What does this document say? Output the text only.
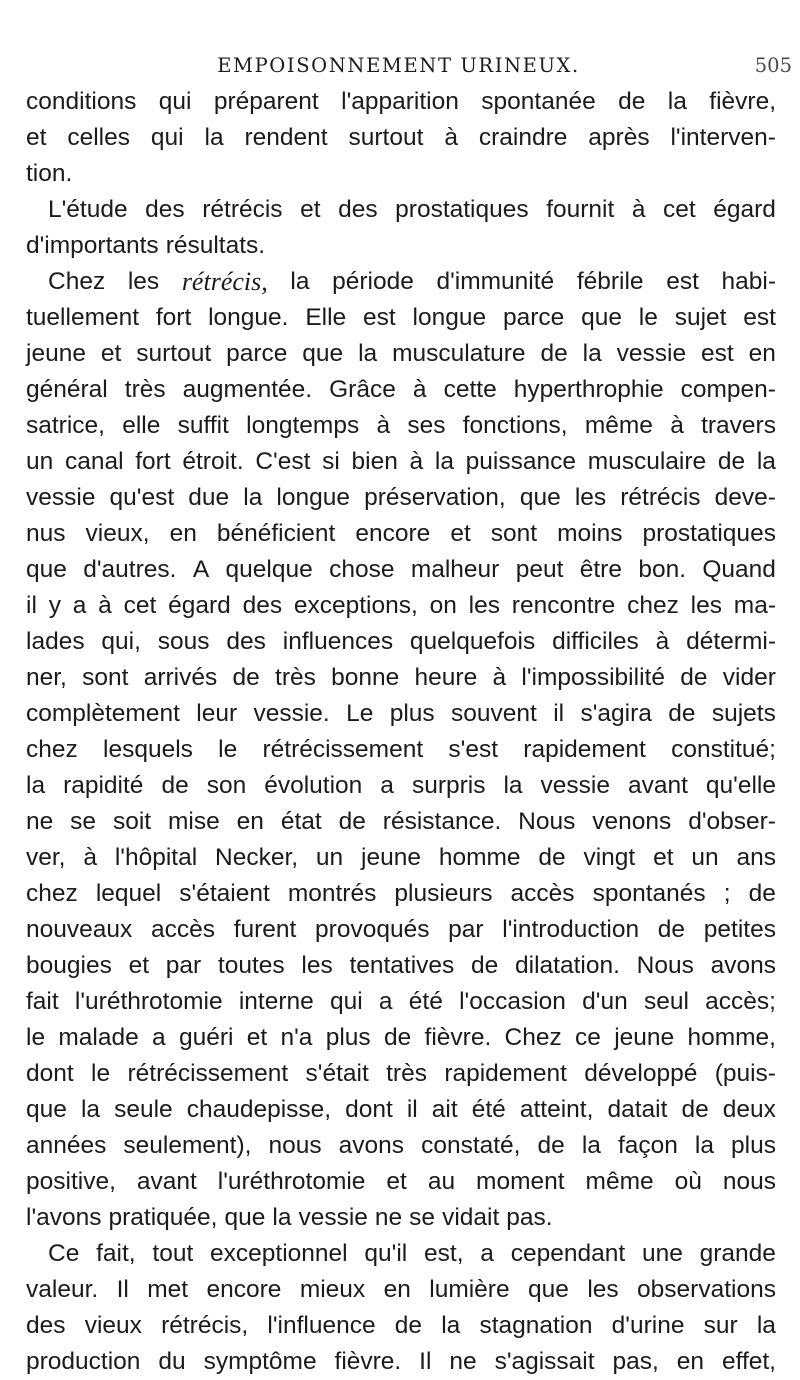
EMPOISONNEMENT URINEUX.	505
conditions qui préparent l'apparition spontanée de la fièvre,
et celles qui la rendent surtout à craindre après l'interven-
tion.
L'étude des rétrécis et des prostatiques fournit à cet égard
d'importants résultats.
Chez les rétrécis, la période d'immunité fébrile est habi-
tuellement fort longue. Elle est longue parce que le sujet est
jeune et surtout parce que la musculature de la vessie est en
général très augmentée. Grâce à cette hyperthrophie compen-
satrice, elle suffit longtemps à ses fonctions, même à travers
un canal fort étroit. C'est si bien à la puissance musculaire de la
vessie qu'est due la longue préservation, que les rétrécis deve-
nus vieux, en bénéficient encore et sont moins prostatiques
que d'autres. A quelque chose malheur peut être bon. Quand
il y a à cet égard des exceptions, on les rencontre chez les ma-
lades qui, sous des influences quelquefois difficiles à détermi-
ner, sont arrivés de très bonne heure à l'impossibilité de vider
complètement leur vessie. Le plus souvent il s'agira de sujets
chez lesquels le rétrécissement s'est rapidement constitué;
la rapidité de son évolution a surpris la vessie avant qu'elle
ne se soit mise en état de résistance. Nous venons d'obser-
ver, à l'hôpital Necker, un jeune homme de vingt et un ans
chez lequel s'étaient montrés plusieurs accès spontanés ; de
nouveaux accès furent provoqués par l'introduction de petites
bougies et par toutes les tentatives de dilatation. Nous avons
fait l'uréthrotomie interne qui a été l'occasion d'un seul accès;
le malade a guéri et n'a plus de fièvre. Chez ce jeune homme,
dont le rétrécissement s'était très rapidement développé (puis-
que la seule chaudepisse, dont il ait été atteint, datait de deux
années seulement), nous avons constaté, de la façon la plus
positive, avant l'uréthrotomie et au moment même où nous
l'avons pratiquée, que la vessie ne se vidait pas.
Ce fait, tout exceptionnel qu'il est, a cependant une grande
valeur. Il met encore mieux en lumière que les observations
des vieux rétrécis, l'influence de la stagnation d'urine sur la
production du symptôme fièvre. Il ne s'agissait pas, en effet,
